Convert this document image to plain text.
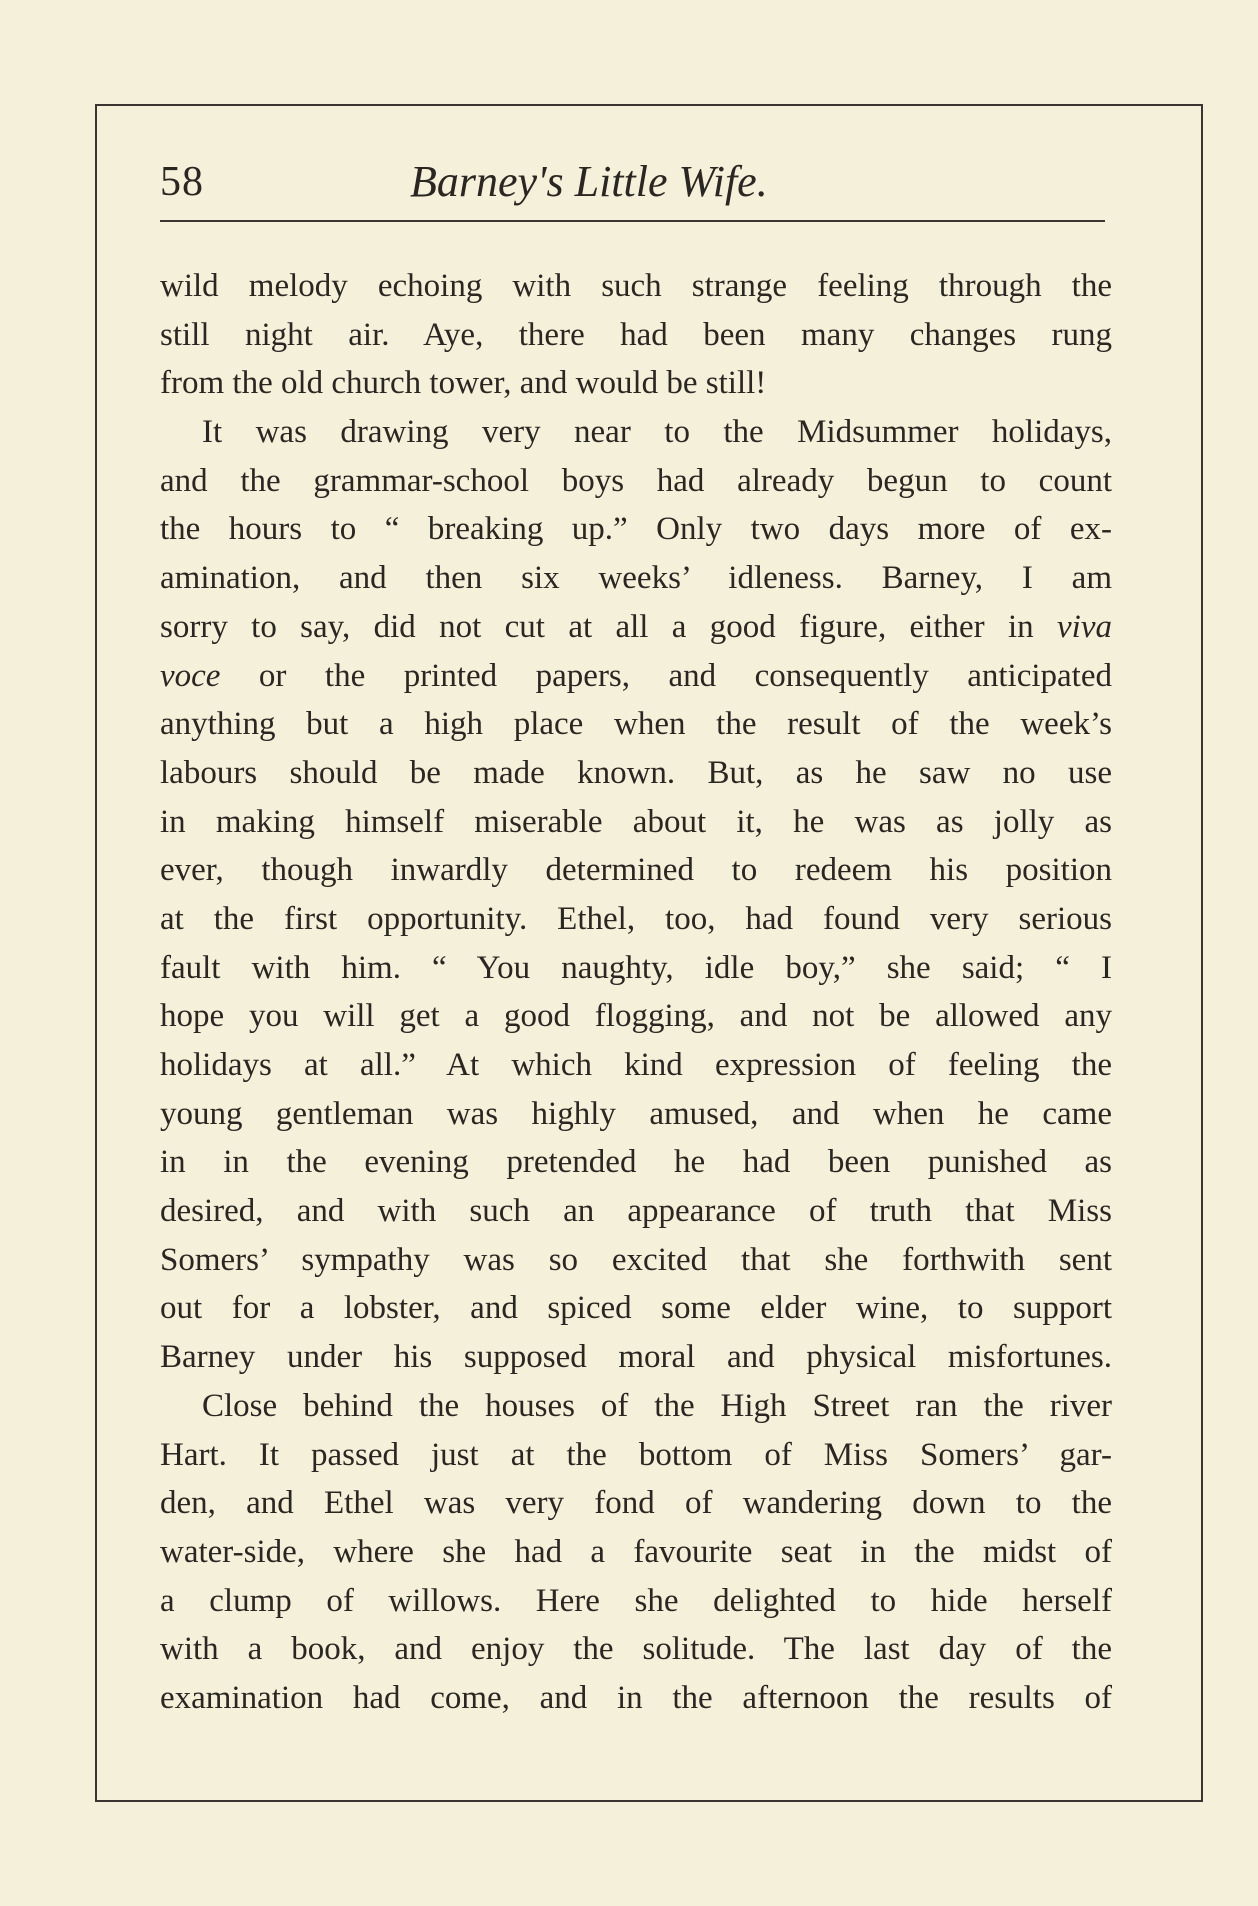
58	Barney's Little Wife.
wild melody echoing with such strange feeling through the
still night air. Aye, there had been many changes rung
from the old church tower, and would be still!
It was drawing very near to the Midsummer holidays,
and the grammar-school boys had already begun to count
the hours to “ breaking up.” Only two days more of ex-
amination, and then six weeks’ idleness. Barney, I am
sorry to say, did not cut at all a good figure, either in viva
voce or the printed papers, and consequently anticipated
anything but a high place when the result of the week’s
labours should be made known. But, as he saw no use
in making himself miserable about it, he was as jolly as
ever, though inwardly determined to redeem his position
at the first opportunity. Ethel, too, had found very serious
fault with him. “ You naughty, idle boy,” she said; “ I
hope you will get a good flogging, and not be allowed any
holidays at all.” At which kind expression of feeling the
young gentleman was highly amused, and when he came
in in the evening pretended he had been punished as
desired, and with such an appearance of truth that Miss
Somers’ sympathy was so excited that she forthwith sent
out for a lobster, and spiced some elder wine, to support
Barney under his supposed moral and physical misfortunes.
Close behind the houses of the High Street ran the river
Hart. It passed just at the bottom of Miss Somers’ gar-
den, and Ethel was very fond of wandering down to the
water-side, where she had a favourite seat in the midst of
a clump of willows. Here she delighted to hide herself
with a book, and enjoy the solitude. The last day of the
examination had come, and in the afternoon the results of
